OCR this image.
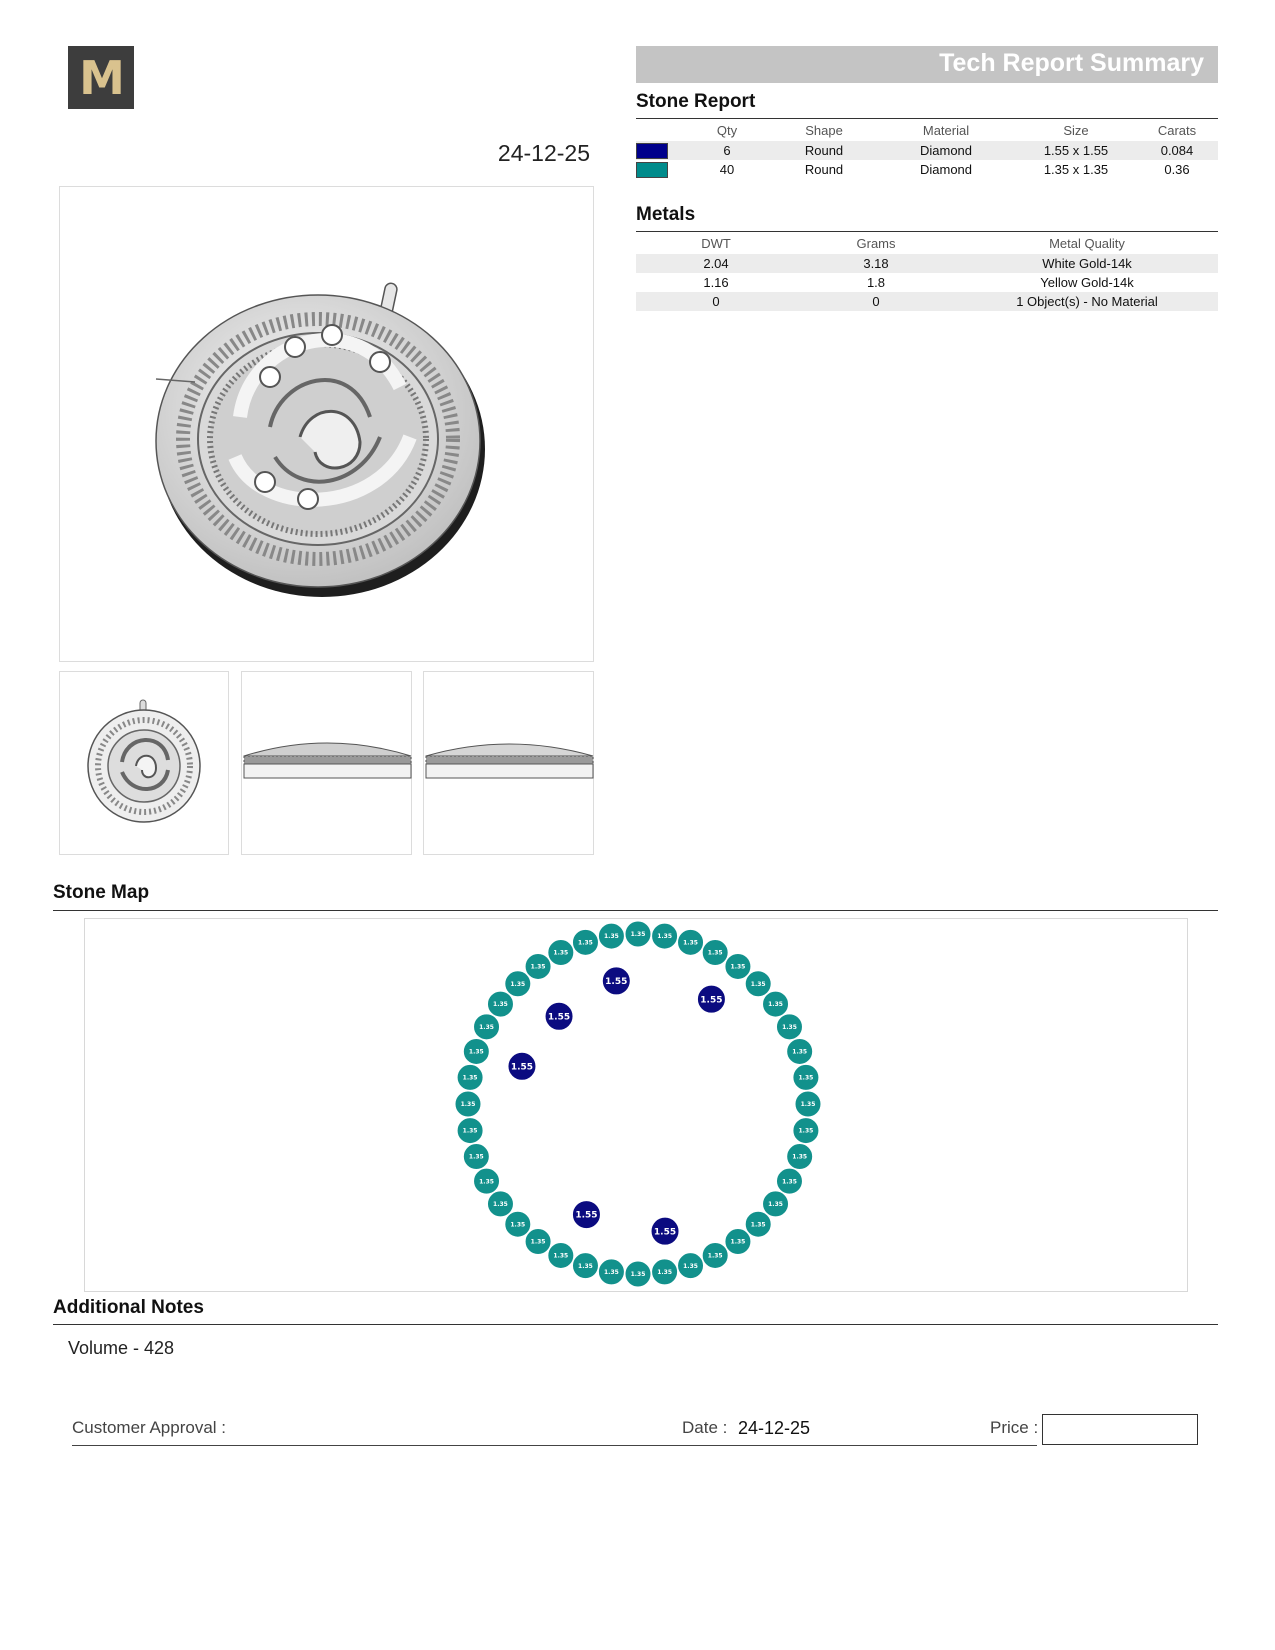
M
24-12-25
Tech Report Summary
Stone Report
	Qty	Shape	Material	Size	Carats

	6	Round	Diamond	1.55 x 1.55	0.084

	40	Round	Diamond	1.35 x 1.35	0.36
Metals
DWT	Grams	Metal Quality
2.04	3.18	White Gold-14k
1.16	1.8	Yellow Gold-14k
0	0	1 Object(s) - No Material
Stone Map
1.35 1.35
1.35
1.35
1.35
1.35
1.35
1.35
1.35
1.35
1.35
1.35
1.35
1.35
1.35
1.35
1.35
1.35
1.35
1.35
1.35
1.35
1.35
1.35
1.35
1.35
1.35
1.35
1.35
1.35
1.35
1.35
1.35
1.35
1.35
1.35
1.35
1.35
1.35
1.35
1.55
1.55
1.55
1.55
1.55
1.55
Additional Notes
Volume - 428
Customer Approval :	Date : 24-12-25	Price :
